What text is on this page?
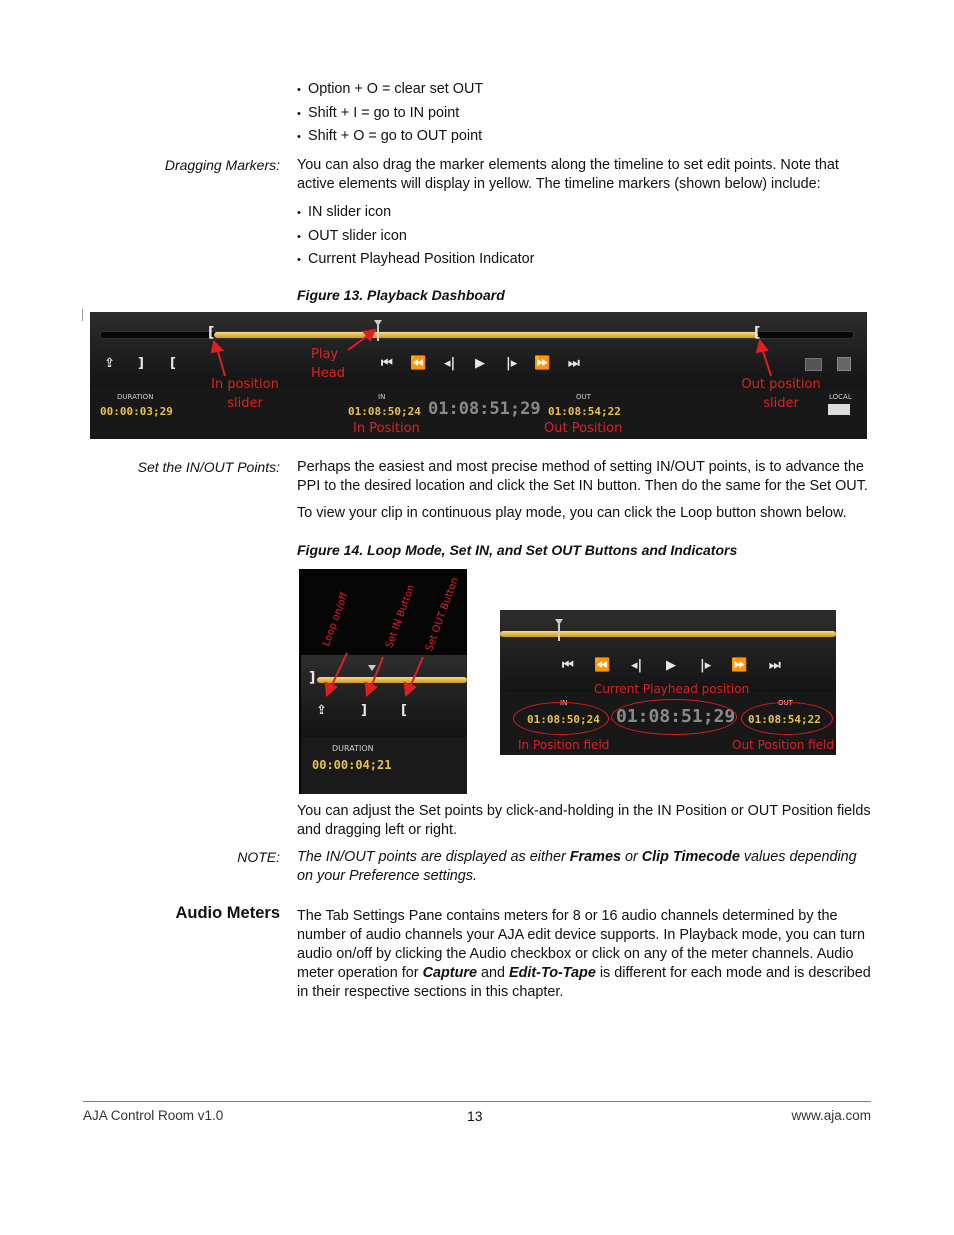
• Option + O = clear set OUT
• Shift + I = go to IN point
• Shift + O = go to OUT point
Dragging Markers: You can also drag the marker elements along the timeline to set edit points. Note that active elements will display in yellow. The timeline markers (shown below) include:
• IN slider icon
• OUT slider icon
• Current Playhead Position Indicator
Figure 13. Playback Dashboard
[	[
⇪ ] [	⏮ ⏪ ◂| ▶ |▸ ⏩ ⏭
DURATION
00:00:03;29
IN
01:08:50;24 01:08:51;29
OUT
01:08:54;22
LOCAL
In position
slider
Play
Head
Out position
slider
In Position	Out Position
Set the IN/OUT Points: Perhaps the easiest and most precise method of setting IN/OUT points, is to advance the PPI to the desired location and click the Set IN button. Then do the same for the Set OUT.
To view your clip in continuous play mode, you can click the Loop button shown below.
Figure 14. Loop Mode, Set IN, and Set OUT Buttons and Indicators
]
⇪	]	[
DURATION
00:00:04;21
Loop on/off	Set IN Button Set OUT Button
⏮ ⏪ ◂| ▶ |▸ ⏩ ⏭
Current Playhead position
IN
01:08:50;24 01:08:51;29
OUT
01:08:54;22
In Position field	Out Position field
You can adjust the Set points by click-and-holding in the IN Position or OUT Position fields and dragging left or right.
NOTE: The IN/OUT points are displayed as either Frames or Clip Timecode values depending on your Preference settings.
Audio Meters The Tab Settings Pane contains meters for 8 or 16 audio channels determined by the number of audio channels your AJA edit device supports. In Playback mode, you can turn audio on/off by clicking the Audio checkbox or click on any of the meter channels. Audio meter operation for Capture and Edit-To-Tape is different for each mode and is described in their respective sections in this chapter.
AJA Control Room v1.0	13	www.aja.com
